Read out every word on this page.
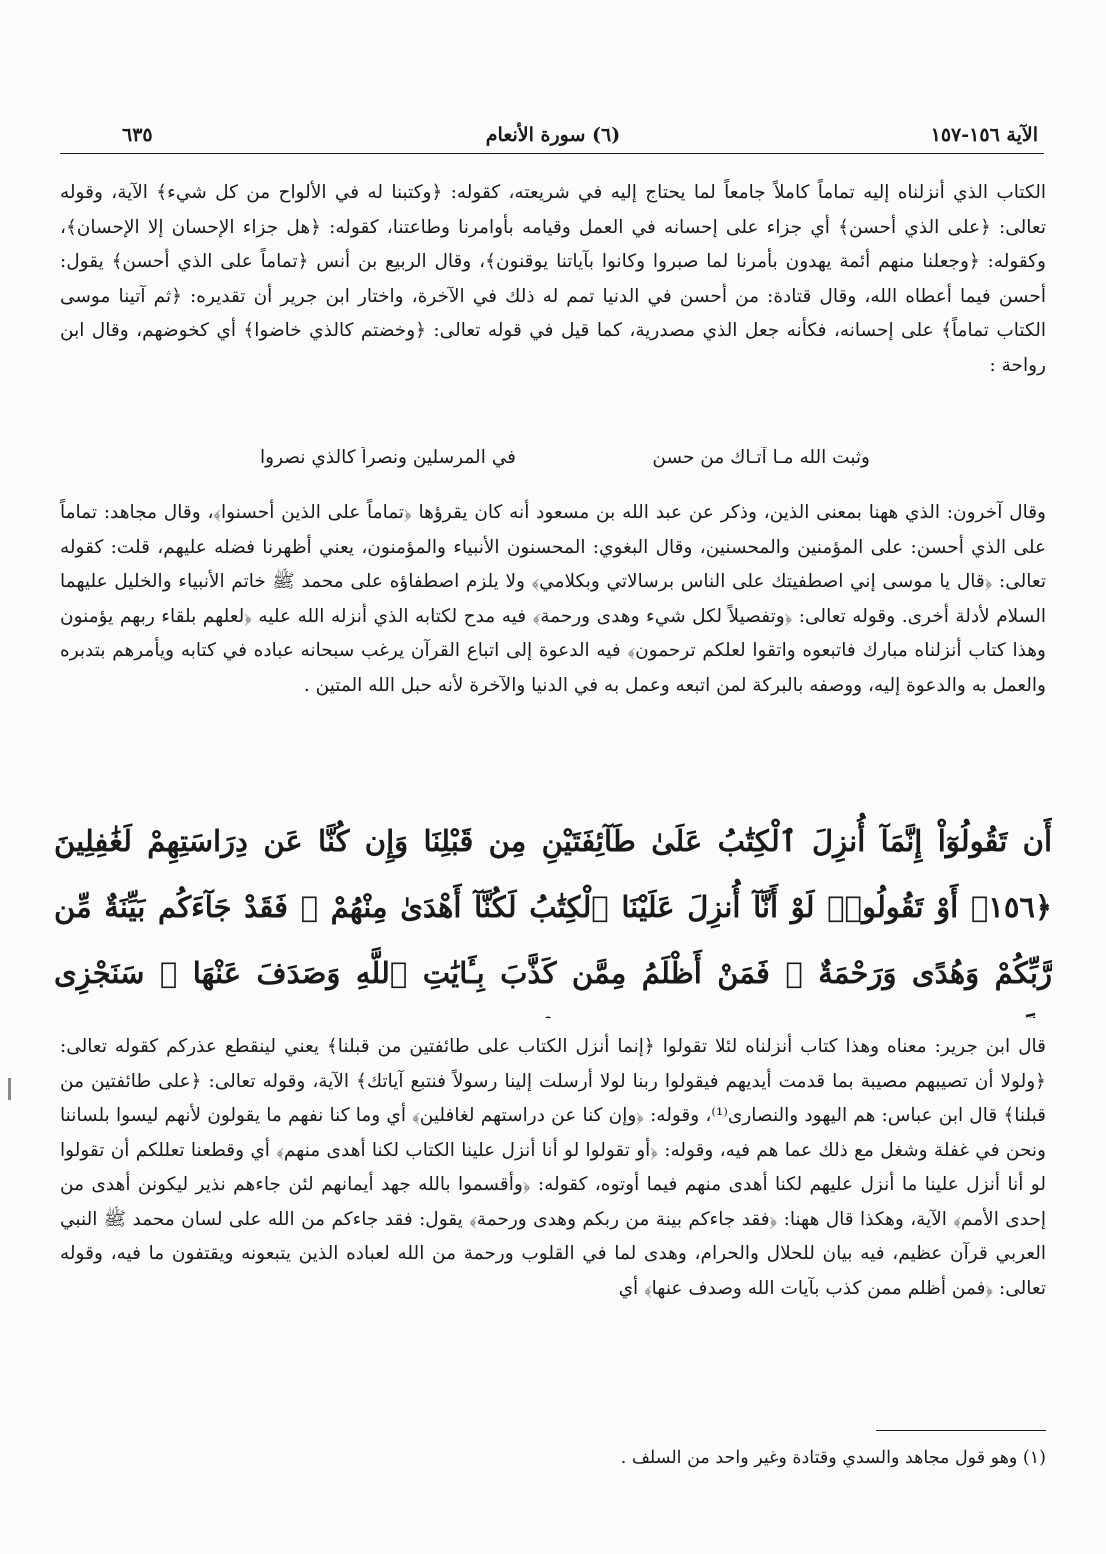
الآية ١٥٦-١٥٧
(٦) سورة الأنعام
٦٣٥

الكتاب الذي أنزلناه إليه تماماً كاملاً جامعاً لما يحتاج إليه في شريعته، كقوله: ﴿وكتبنا له في الألواح من كل شيء﴾ الآية، وقوله تعالى: ﴿على الذي أحسن﴾ أي جزاء على إحسانه في العمل وقيامه بأوامرنا وطاعتنا، كقوله: ﴿هل جزاء الإحسان إلا الإحسان﴾، وكقوله: ﴿وجعلنا منهم أئمة يهدون بأمرنا لما صبروا وكانوا بآياتنا يوقنون﴾، وقال الربيع بن أنس ﴿تماماً على الذي أحسن﴾ يقول: أحسن فيما أعطاه الله، وقال قتادة: من أحسن في الدنيا تمم له ذلك في الآخرة، واختار ابن جرير أن تقديره: ﴿ثم آتينا موسى الكتاب تماماً﴾ على إحسانه، فكأنه جعل الذي مصدرية، كما قيل في قوله تعالى: ﴿وخضتم كالذي خاضوا﴾ أي كخوضهم، وقال ابن رواحة :

وثبت الله مـا آتـاك من حسن
في المرسلين ونصراً كالذي نصروا

وقال آخرون: الذي ههنا بمعنى الذين، وذكر عن عبد الله بن مسعود أنه كان يقرؤها ﴿تماماً على الذين أحسنوا﴾، وقال مجاهد: تماماً على الذي أحسن: على المؤمنين والمحسنين، وقال البغوي: المحسنون الأنبياء والمؤمنون، يعني أظهرنا فضله عليهم، قلت: كقوله تعالى: ﴿قال يا موسى إني اصطفيتك على الناس برسالاتي وبكلامي﴾ ولا يلزم اصطفاؤه على محمد ﷺ خاتم الأنبياء والخليل عليهما السلام لأدلة أخرى. وقوله تعالى: ﴿وتفصيلاً لكل شيء وهدى ورحمة﴾ فيه مدح لكتابه الذي أنزله الله عليه ﴿لعلهم بلقاء ربهم يؤمنون وهذا كتاب أنزلناه مبارك فاتبعوه واتقوا لعلكم ترحمون﴾ فيه الدعوة إلى اتباع القرآن يرغب سبحانه عباده في كتابه ويأمرهم بتدبره والعمل به والدعوة إليه، ووصفه بالبركة لمن اتبعه وعمل به في الدنيا والآخرة لأنه حبل الله المتين .

أَن تَقُولُوٓاْ إِنَّمَآ أُنزِلَ ٱلْكِتَٰبُ عَلَىٰ طَآئِفَتَيْنِ مِن قَبْلِنَا وَإِن كُنَّا عَن دِرَاسَتِهِمْ لَغَٰفِلِينَ ﴿١٥٦﴾ أَوْ تَقُولُوا۟ لَوْ أَنَّآ أُنزِلَ عَلَيْنَا ٱلْكِتَٰبُ لَكُنَّآ أَهْدَىٰ مِنْهُمْ ۚ فَقَدْ جَآءَكُم بَيِّنَةٌ مِّن رَّبِّكُمْ وَهُدًى وَرَحْمَةٌ ۚ فَمَنْ أَظْلَمُ مِمَّن كَذَّبَ بِـَٔايَٰتِ ٱللَّهِ وَصَدَفَ عَنْهَا ۗ سَنَجْزِى

قال ابن جرير: معناه وهذا كتاب أنزلناه لئلا تقولوا ﴿إنما أنزل الكتاب على طائفتين من قبلنا﴾ يعني لينقطع عذركم كقوله تعالى: ﴿ولولا أن تصيبهم مصيبة بما قدمت أيديهم فيقولوا ربنا لولا أرسلت إلينا رسولاً فنتبع آياتك﴾ الآية، وقوله تعالى: ﴿على طائفتين من قبلنا﴾ قال ابن عباس: هم اليهود والنصارى⁽¹⁾، وقوله: ﴿وإن كنا عن دراستهم لغافلين﴾ أي وما كنا نفهم ما يقولون لأنهم ليسوا بلساننا ونحن في غفلة وشغل مع ذلك عما هم فيه، وقوله: ﴿أو تقولوا لو أنا أنزل علينا الكتاب لكنا أهدى منهم﴾ أي وقطعنا تعللكم أن تقولوا لو أنا أنزل علينا ما أنزل عليهم لكنا أهدى منهم فيما أوتوه، كقوله: ﴿وأقسموا بالله جهد أيمانهم لئن جاءهم نذير ليكونن أهدى من إحدى الأمم﴾ الآية، وهكذا قال ههنا: ﴿فقد جاءكم بينة من ربكم وهدى ورحمة﴾ يقول: فقد جاءكم من الله على لسان محمد ﷺ النبي العربي قرآن عظيم، فيه بيان للحلال والحرام، وهدى لما في القلوب ورحمة من الله لعباده الذين يتبعونه ويقتفون ما فيه، وقوله تعالى: ﴿فمن أظلم ممن كذب بآيات الله وصدف عنها﴾ أي

(١) وهو قول مجاهد والسدي وقتادة وغير واحد من السلف .
